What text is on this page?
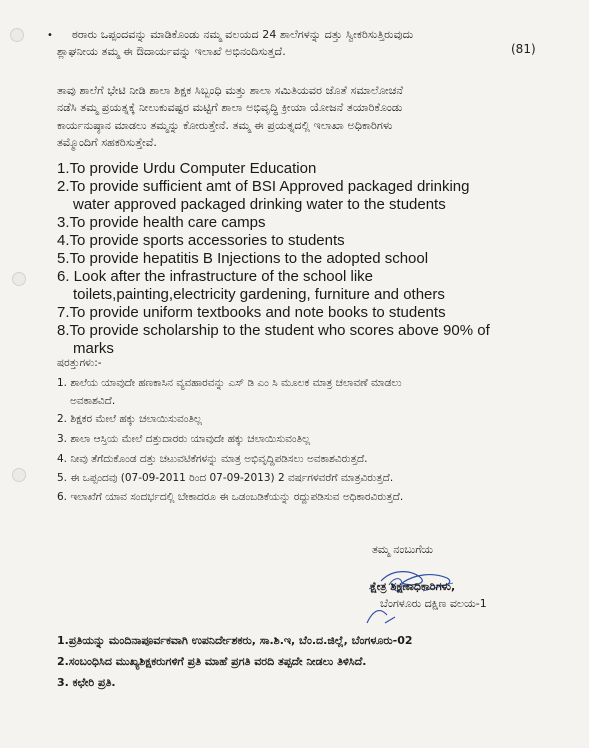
• ಠರಾರು ಒಪ್ಪಂದವನ್ನು ಮಾಡಿಕೊಂಡು ನಮ್ಮ ವಲಯದ 24 ಶಾಲೆಗಳನ್ನು ದತ್ತು ಸ್ವೀಕರಿಸುತ್ತಿರುವುದು
ಶ್ಲಾಘನೀಯ ತಮ್ಮ ಈ ಔದಾರ್ಯವನ್ನು ಇಲಾಖೆ ಅಭಿನಂದಿಸುತ್ತದೆ.	(81)
ತಾವು ಶಾಲೆಗೆ ಭೇಟಿ ನೀಡಿ ಶಾಲಾ ಶಿಕ್ಷಕ ಸಿಬ್ಬಂಧಿ ಮತ್ತು ಶಾಲಾ ಸಮಿತಿಯವರ ಜೊತೆ ಸಮಾಲೋಚನೆ
ನಡೆಸಿ ತಮ್ಮ ಪ್ರಯತ್ನಕ್ಕೆ ನೀಲುಕುವಷ್ಟರ ಮಟ್ಟಿಗೆ ಶಾಲಾ ಅಭಿವೃದ್ಧಿ ಕ್ರೀಯಾ ಯೋಜನೆ ತಯಾರಿಕೊಂಡು
ಕಾರ್ಯನುಷ್ಠಾನ ಮಾಡಲು ತಮ್ಮನ್ನು ಕೋರುತ್ತೇನೆ. ತಮ್ಮ ಈ ಪ್ರಯತ್ನದಲ್ಲಿ ಇಲಾಖಾ ಅಧಿಕಾರಿಗಳು
ತಮ್ಮೊಂದಿಗೆ ಸಹಕರಿಸುತ್ತೇವೆ.
1.To provide Urdu Computer Education
2.To provide sufficient amt of BSI Approved packaged drinking
water approved packaged drinking water to the students
3.To provide health care camps
4.To provide sports accessories to students
5.To provide hepatitis B Injections to the adopted school
6. Look after the infrastructure of the school like
toilets,painting,electricity gardening, furniture and others
7.To provide uniform textbooks and note books to students
8.To provide scholarship to the student who scores above 90% of
marks
ಷರತ್ತುಗಳು:-
1. ಶಾಲೆಯ ಯಾವುದೇ ಹಣಕಾಸಿನ ವ್ಯವಹಾರವನ್ನು ಎಸ್ ಡಿ ಎಂ ಸಿ ಮೂಲಕ ಮಾತ್ರ ಚಲಾವಣೆ ಮಾಡಲು
ಅವಕಾಶವಿದೆ.
2. ಶಿಕ್ಷಕರ ಮೇಲೆ ಹಕ್ಕು ಚಲಾಯಿಸುವಂತಿಲ್ಲ
3. ಶಾಲಾ ಆಸ್ತಿಯ ಮೇಲೆ ದತ್ತುದಾರರು ಯಾವುದೇ ಹಕ್ಕು ಚಲಾಯಿಸುವಂತಿಲ್ಲ
4. ನೀವು ತೆಗೆದುಕೊಂಡ ದತ್ತು ಚಟುವಟಿಕೆಗಳನ್ನು ಮಾತ್ರ ಅಭಿವೃದ್ದಿಪಡಿಸಲು ಅವಕಾಶವಿರುತ್ತದೆ.
5. ಈ ಒಪ್ಪಂದವು (07-09-2011 ರಿಂದ 07-09-2013) 2 ವರ್ಷಗಳವರೆಗೆ ಮಾತ್ರವಿರುತ್ತದೆ.
6. ಇಲಾಖೆಗೆ ಯಾವ ಸಂದರ್ಭದಲ್ಲಿ ಬೇಕಾದರೂ ಈ ಒಡಂಬಡಿಕೆಯನ್ನು ರದ್ದುಪಡಿಸುವ ಅಧಿಕಾರವಿರುತ್ತದೆ.
ತಮ್ಮ ನಂಬುಗೆಯ
ಕ್ಷೇತ್ರ ಶಿಕ್ಷಣಾಧಿಕಾರಿಗಳು,
ಬೆಂಗಳೂರು ದಕ್ಷಿಣ ವಲಯ-1
1.ಪ್ರತಿಯನ್ನು ಮಂದಿನಾಪೂರ್ವಕವಾಗಿ ಉಪನಿರ್ದೇಶಕರು, ಸಾ.ಶಿ.ಇ, ಬೆಂ.ದ.ಜಿಲ್ಲೆ, ಬೆಂಗಳೂರು-02
2.ಸಂಬಂಧಿಸಿದ ಮುಖ್ಯಶಿಕ್ಷಕರುಗಳಿಗೆ ಪ್ರತಿ ಮಾಹೆ ಪ್ರಗತಿ ವರದಿ ತಪ್ಪದೇ ನೀಡಲು ತಿಳಿಸಿದೆ.
3. ಕಛೇರಿ ಪ್ರತಿ.
